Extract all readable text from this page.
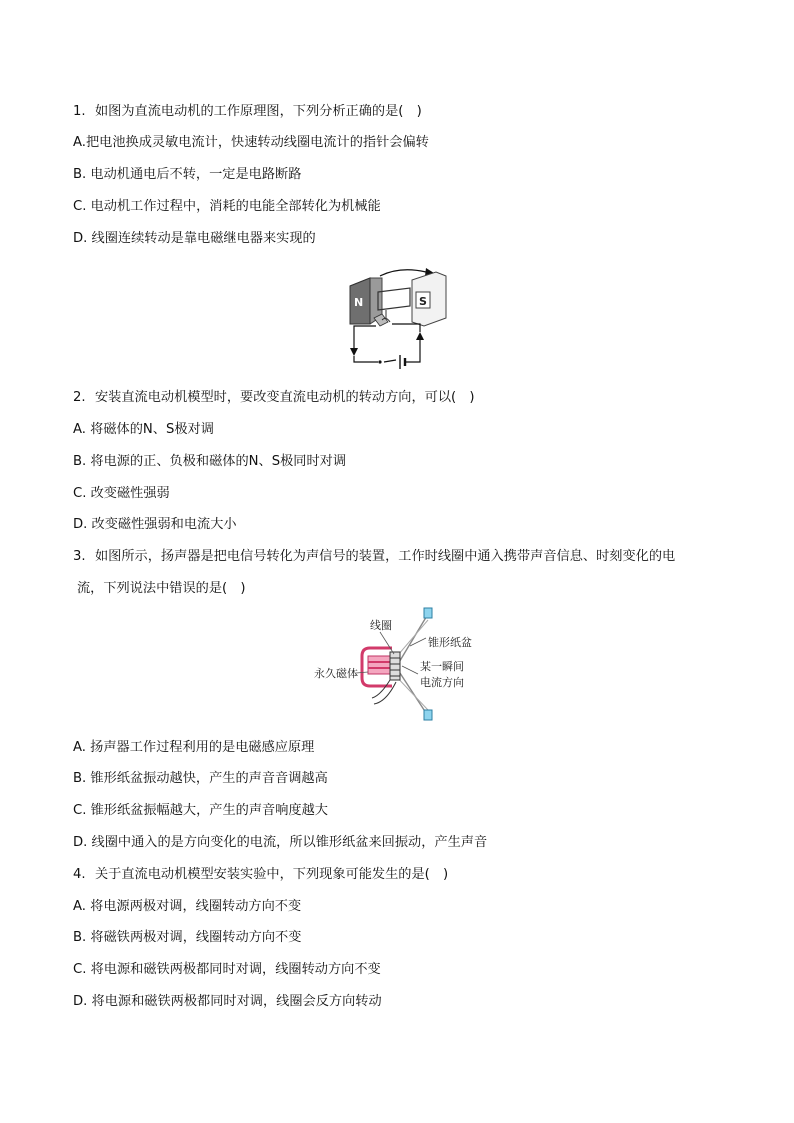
1. 如图为直流电动机的工作原理图，下列分析正确的是(　)
A.把电池换成灵敏电流计，快速转动线圈电流计的指针会偏转
B. 电动机通电后不转，一定是电路断路
C. 电动机工作过程中，消耗的电能全部转化为机械能
D. 线圈连续转动是靠电磁继电器来实现的
N	S
2. 安装直流电动机模型时，要改变直流电动机的转动方向，可以(　)
A. 将磁体的N、S极对调
B. 将电源的正、负极和磁体的N、S极同时对调
C. 改变磁性强弱
D. 改变磁性强弱和电流大小
3. 如图所示，扬声器是把电信号转化为声信号的装置，工作时线圈中通入携带声音信息、时刻变化的电
流，下列说法中错误的是(　)
线圈
锥形纸盆
永久磁体
某一瞬间
电流方向
A. 扬声器工作过程利用的是电磁感应原理
B. 锥形纸盆振动越快，产生的声音音调越高
C. 锥形纸盆振幅越大，产生的声音响度越大
D. 线圈中通入的是方向变化的电流，所以锥形纸盆来回振动，产生声音
4. 关于直流电动机模型安装实验中，下列现象可能发生的是(　)
A. 将电源两极对调，线圈转动方向不变
B. 将磁铁两极对调，线圈转动方向不变
C. 将电源和磁铁两极都同时对调，线圈转动方向不变
D. 将电源和磁铁两极都同时对调，线圈会反方向转动
